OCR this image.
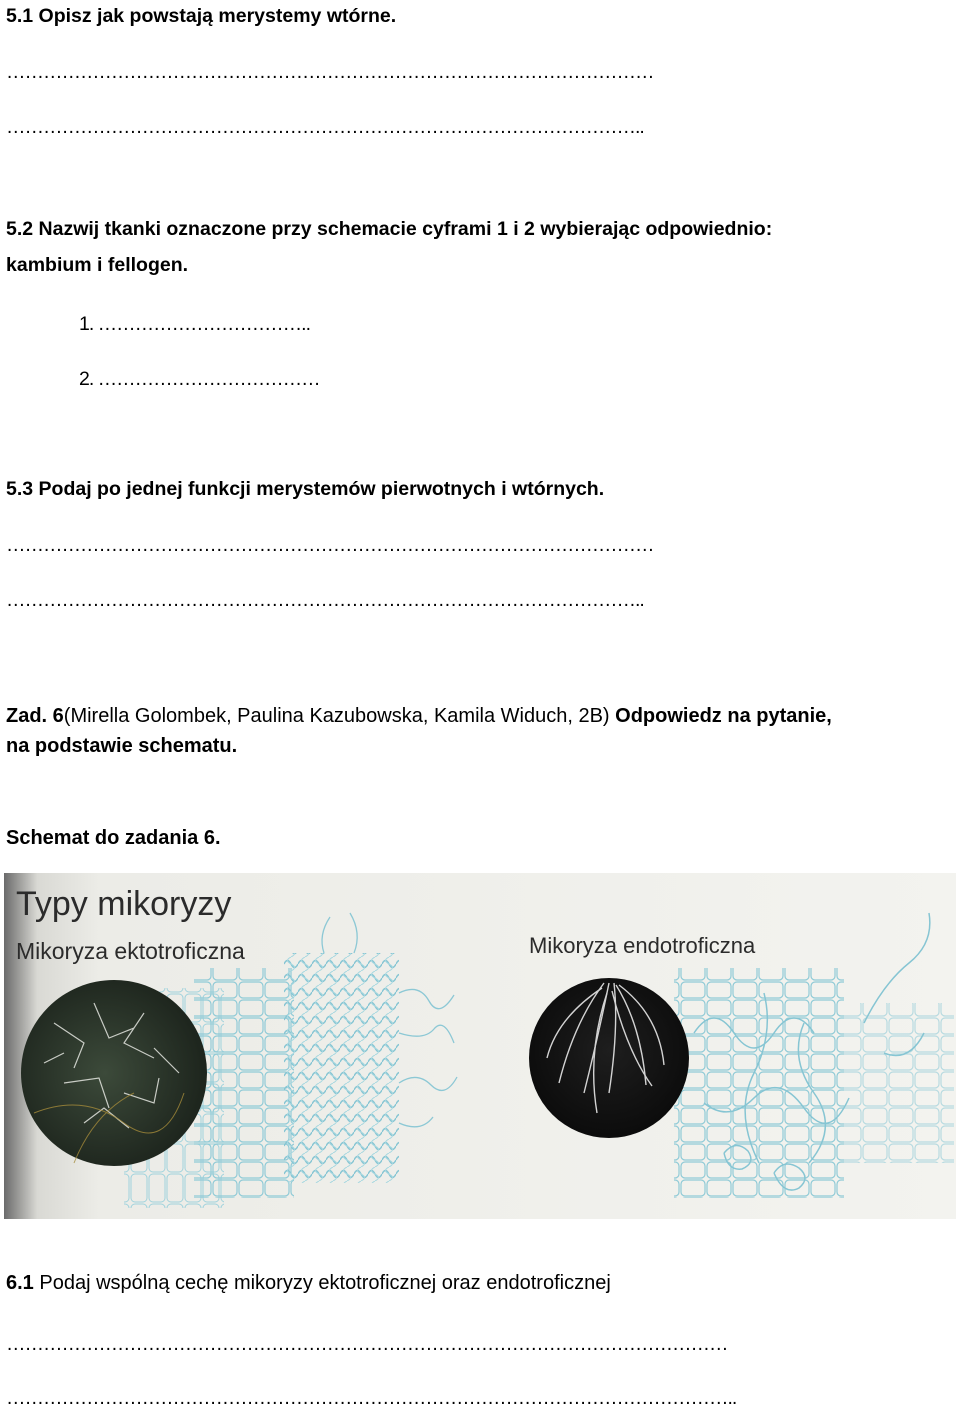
5.1 Opisz jak powstają merystemy wtórne.
……………………………………………………………………………………………
…………………………………………………………………………………………..
5.2 Nazwij tkanki oznaczone przy schemacie cyframi 1 i 2 wybierając odpowiednio:
kambium i fellogen.
1. ……………………………..
2. ………………………………
5.3 Podaj po jednej funkcji merystemów pierwotnych i wtórnych.
……………………………………………………………………………………………
…………………………………………………………………………………………..
Zad. 6(Mirella Golombek, Paulina Kazubowska, Kamila Widuch, 2B) Odpowiedz na pytanie,
na podstawie schematu.
Schemat do zadania 6.
Typy mikoryzy
Mikoryza ektotroficzna	Mikoryza endotroficzna
6.1 Podaj wspólną cechę mikoryzy ektotroficznej oraz endotroficznej
………………………………………………………………………………………………………
………………………………………………………………………………………………………..
